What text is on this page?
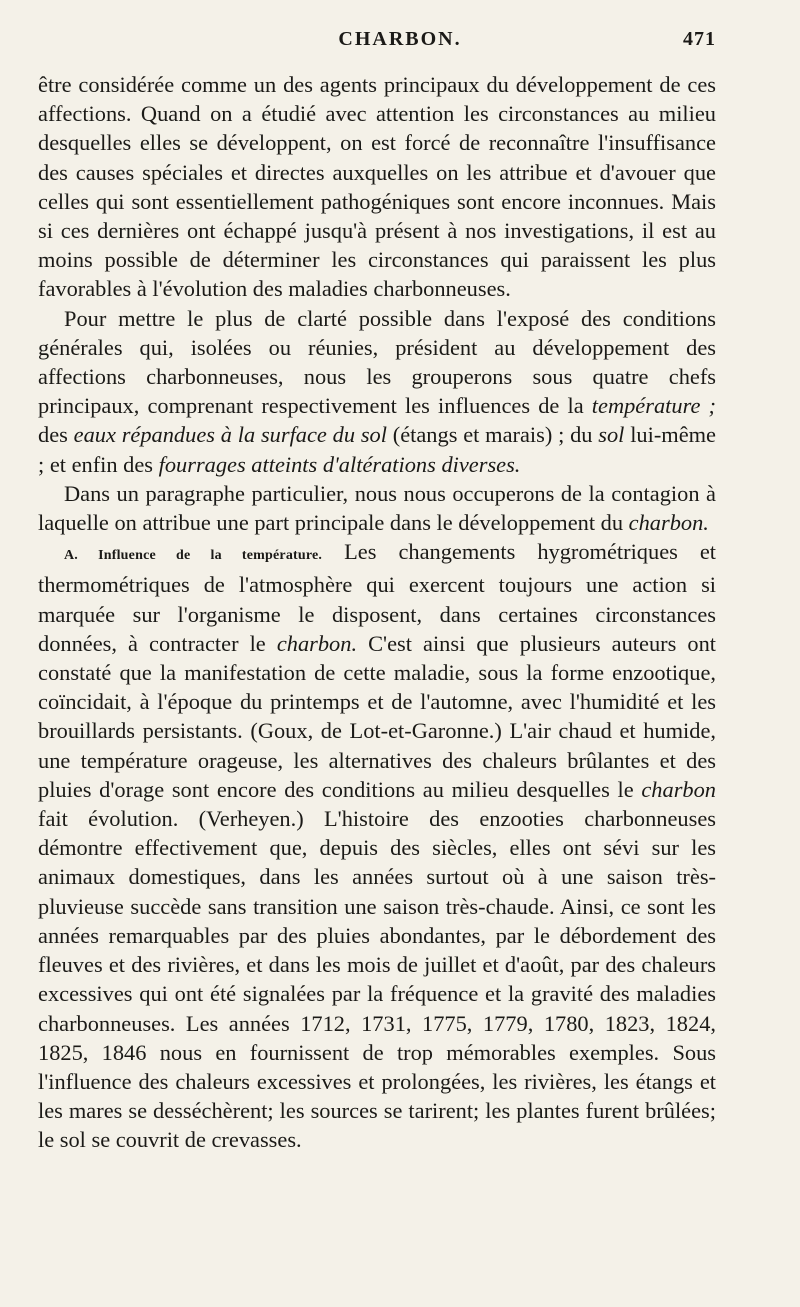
CHARBON.	471

être considérée comme un des agents principaux du développement de ces affections. Quand on a étudié avec attention les circonstances au milieu desquelles elles se développent, on est forcé de reconnaître l'insuffisance des causes spéciales et directes auxquelles on les attribue et d'avouer que celles qui sont essentiellement pathogéniques sont encore inconnues. Mais si ces dernières ont échappé jusqu'à présent à nos investigations, il est au moins possible de déterminer les circonstances qui paraissent les plus favorables à l'évolution des maladies charbonneuses.

Pour mettre le plus de clarté possible dans l'exposé des conditions générales qui, isolées ou réunies, président au développement des affections charbonneuses, nous les grouperons sous quatre chefs principaux, comprenant respectivement les influences de la température ; des eaux répandues à la surface du sol (étangs et marais) ; du sol lui-même ; et enfin des fourrages atteints d'altérations diverses.

Dans un paragraphe particulier, nous nous occuperons de la contagion à laquelle on attribue une part principale dans le développement du charbon.

A. Influence de la température. Les changements hygrométriques et thermométriques de l'atmosphère qui exercent toujours une action si marquée sur l'organisme le disposent, dans certaines circonstances données, à contracter le charbon. C'est ainsi que plusieurs auteurs ont constaté que la manifestation de cette maladie, sous la forme enzootique, coïncidait, à l'époque du printemps et de l'automne, avec l'humidité et les brouillards persistants. (Goux, de Lot-et-Garonne.) L'air chaud et humide, une température orageuse, les alternatives des chaleurs brûlantes et des pluies d'orage sont encore des conditions au milieu desquelles le charbon fait évolution. (Verheyen.) L'histoire des enzooties charbonneuses démontre effectivement que, depuis des siècles, elles ont sévi sur les animaux domestiques, dans les années surtout où à une saison très-pluvieuse succède sans transition une saison très-chaude. Ainsi, ce sont les années remarquables par des pluies abondantes, par le débordement des fleuves et des rivières, et dans les mois de juillet et d'août, par des chaleurs excessives qui ont été signalées par la fréquence et la gravité des maladies charbonneuses. Les années 1712, 1731, 1775, 1779, 1780, 1823, 1824, 1825, 1846 nous en fournissent de trop mémorables exemples. Sous l'influence des chaleurs excessives et prolongées, les rivières, les étangs et les mares se desséchèrent; les sources se tarirent; les plantes furent brûlées; le sol se couvrit de crevasses.
